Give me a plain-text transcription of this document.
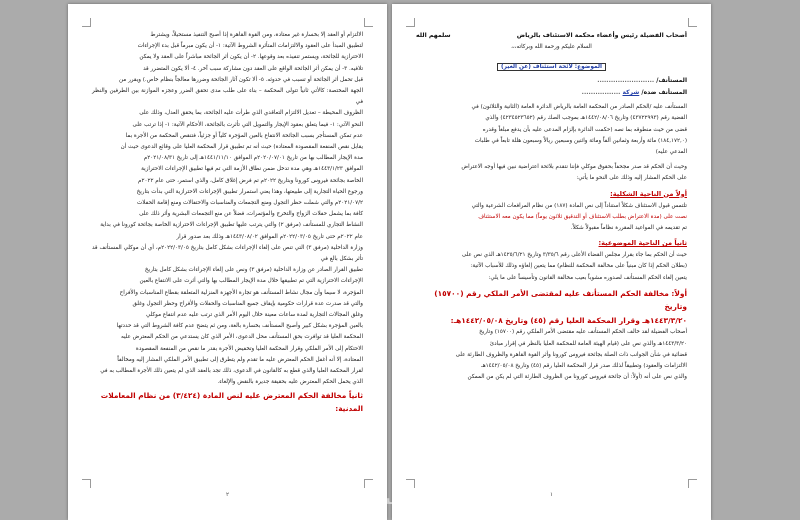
الالتزام أو العقد إلا بخسارة غير معتادة، ومن القوة القاهرة إذا أصبح التنفيذ مستحيلاً، ويشترط

لتطبيق المبدأ على العقود والالتزامات المتأثرة الشروط الآتية: ١- أن يكون مبرماً قبل بدء الإجراءات

الاحترازية للجائحة، ويستمر تنفيذه بعد وقوعها. ٢- أن يكون أثر الجائحة مباشراً على العقد ولا يمكن

تلافيه. ٣- أن يمكن أثر الجائحة الواقع على العقد دون مشاركة سبب آخر. ٤- ألا يكون المتضرر قد

قبل تحمل أثر الجائحة أو تسبب في حدوثه. ٥- ألا تكون آثار الجائحة وضررها معالجاً بنظام خاص.) ويقرر من

الجهة المختصة: كالأتي ثانياً تتولى المحكمة – بناء على طلب مدى تحقق الضرر وعجزه الموازنة بين الطرفين والنظر في

الظروف المحيطة – تعديل الالتزام التعاقدي الذي طرأت عليه الجائحة، بما يحقق العدل، وذلك على

النحو الآتي: ١- فيما يتعلق بعقود الإيجار والتمويل التي تأثرت بالجائحة، الأحكام الآتية: ١- إذا ترتب على

عدم تمكن المستأجر بسبب الجائحة الانتفاع بالعين المؤجرة كلياً أو جزئياً، فتنقص المحكمة من الأجرة بما

يقابل نقص المنفعة المقصودة المعتادة) حيث أنه تم تطبيق قرار المحكمة العليا على وقائع الدعوى حيث أن

مدة الإيجار المطالب بها من تاريخ ٢٠٢٠/٠٧/٠١م الموافق ١٤٤١/١١/١٠هـ إلى تاريخ ٢٠٢١/٠٨/٣١م

الموافق ١٤٤٣/١/٢٣هـ وهي مدة تدخل ضمن نطاق الأزمة التي تم فيها تطبيق الإجراءات الاحترازية

الخاصة بجائحة فيروس كورونا وبتاريخ ٢٠٢٢م تم فرض إغلاق كامل، والذي استمر، حتى عام ٢٠٢٢م

ورجوع الحياة التجارية إلى طبيعتها، وهذا يعني استمرار تطبيق الإجراءات الاحترازية التي بدأت بتاريخ

٢٠٢١/٠٧/٢م والتي شملت حظر التجول ومنع التجمعات والمناسبات والاحتفالات ومنع إقامة الحفلات

كافة بما يشمل حفلات الزواج والتخرج والمؤتمرات، فضلاً عن منع التجمعات البشرية وأثر ذلك على

النشاط التجاري للمستأنف (مرفق ٢) والتي يترتب عليها تطبيق الإجراءات الاحترازية الخاصة بجائحة كورونا في بداية

عام ٢٠٢٢م حتى تاريخ ٢٠٢٢/٠٣/٠٥م الموافق ١٤٤٣/٠٨/٠٢هـ وذلك بعد صدور قرار

وزارة الداخلية (مرفق ٣) التي تنص على إلغاء الإجراءات بشكل كامل بتاريخ ٢٠٢٢/٠٣/٠٥م، أي أن موكلي المستأنف قد تأثر بشكل بالغ في

تطبيق القرار الصادر عن وزارة الداخلية (مرفق ٣) ونص على إلغاء الإجراءات بشكل كامل بتاريخ

الإجراءات الاحترازية التي تم تطبيقها خلال مدة الإيجار المطالب بها والتي أثرت على الانتفاع بالعين

المؤجرة، لا سيما وأن مجال نشاط المستأنف هو تجارة الأجهزة المنزلية المتعلقة بقطاع المناسبات والأفراح

والتي قد صدرت عدة قرارات حكومية بإيقاف جميع المناسبات والحفلات والأفراح وحظر التجول وغلق

وغلق المجالات التجارية لمدة ساعات معينة خلال اليوم الأمر الذي ترتب عليه عدم انتفاع موكلي

بالعين المؤجرة بشكل كبير وأصبح المستأنف بخسارة بالغة، ومن ثم يتضح عدم كافة الشروط التي قد حددتها

المحكمة العليا قد توافرت بحق المستأنف محل الدعوى، الأمر الذي كان يستدعي من الحكم المعترض عليه

الاحتكام إلى الأمر الملكي وقرار المحكمة العليا وتخفيض الأجرة بقدر ما نقص من المنفعة المقصودة

المعتادة، إلا أنه أغفل الحكم المعترض عليه ما تقدم ولم يتطرق إلى تطبيق الأمر الملكي المشار إليه ومخالفاً

لقرار المحكمة العليا والذي قطع به كالقانون في الدعوى، ذلك تجد بالعقد الذي لم يتعين ذلك الأجرة المطالب به في

الذي يحمل الحكم المعترض عليه بحقيقة جديرة بالنقض والإلغاء.

ثانياً مخالفة الحكم المعترض عليه لنص المادة (٣/٤٢٤) من نظام المعاملات المدنية:
٢
أصحاب الفضيلة رئيس وأعضاء محكمة الاستئناف بالرياض
سلمهم الله
السلام عليكم ورحمة الله وبركاته،،،
الموضوع: لائحة استئناف (عن الغير)
المستأنف/ .........................
المستأنف ضده/ شركة .................

المستأنف عليه /الحكم الصادر من المحكمة العامة بالرياض الدائرة العامة (الثانية والثلاثون) في

القضية رقم (٤٣٧٢٢٩٩٣) وتاريخ ١٤٤٢/٠٨/٠٦هـ بموجب الصك رقم (٤٢٣٤٥٢٣٦٥٢) والذي

قضى من حيث منطوقه بما نصه (حكمت الدائرة بإلزام المدعى عليه بأن يدفع مبلغاً وقدره

(١٨٤,١٧٢,٠) مائة وأربعة وثمانين ألفاً ومائة واثنين وسبعين ريالاً وسبعون هللة تابعاً في طلبات

المدعي عليه)

وحيث أن الحكم قد صدر مجحفاً بحقوق موكلي فإننا نتقدم بلائحة اعتراضية نبين فيها أوجه الاعتراض

على الحكم المشار إليه وذلك على النحو ما يأتي:

أولاً من الناحية الشكلية:

تلتمس قبول الاستئناف شكلاً استناداً إلى نص المادة (١٨٧) من نظام المرافعات الشرعية والتي

نصت على (مدة الاعتراض بطلب الاستئناف أو التدقيق ثلاثون يوماً) مما يكون معه الاستئناف

تم تقديمه في المواعيد المقررة نظاماً مقبولاً شكلاً.

ثانياً من الناحية الموضوعية:

حيث أن الحكم بما جاء بقرار مجلس القضاء الأعلى رقم ٣/٣٥/٦ وتاريخ ١٤٢٥/٦/٢١هـ الذي نص على

(بطلان الحكم إذا كان مبنياً على مخالفة المحكمة للنظام) مما يتعين إلغاؤه وذلك للأسباب الآتية:

يتعين إلغاء الحكم المستأنف لصدوره مشوباً بعيب مخالفة القانون وتأسيساً على ما يلي:

أولاً: مخالفة الحكم المستأنف عليه لمقتضى الأمر الملكي رقم (١٥٧٠٠) وتاريخ
١٤٤٣/٣/٢٠هـ وقرار المحكمة العليا رقم (٤٥) وتاريخ ١٤٤٢/٠٥/٠٨هـ:

أصحاب الفضيلة لقد خالف الحكم المستأنف عليه مقتضى الأمر الملكي رقم (١٥٧٠٠) وتاريخ

١٤٤٣/٣/٢٠هـ والذي نص على (قيام الهيئة العامة للمحكمة العليا بالنظر في إقرار مبادئ

قضائية في شأن الجوانب ذات الصلة بجائحة فيروس كورونا وأثر القوة القاهرة والظروف الطارئة على

الالتزامات والعقود) وتطبيقاً لذلك صدر قرار المحكمة العليا رقم (٤٥) وتاريخ ١٤٤٢/٠٥/٠٨هـ

والذي نص على أنه (أولاً: أن جائحة فيروس كورونا من الظروف الطارئة التي لم يكن من الممكن

١
خمسات
